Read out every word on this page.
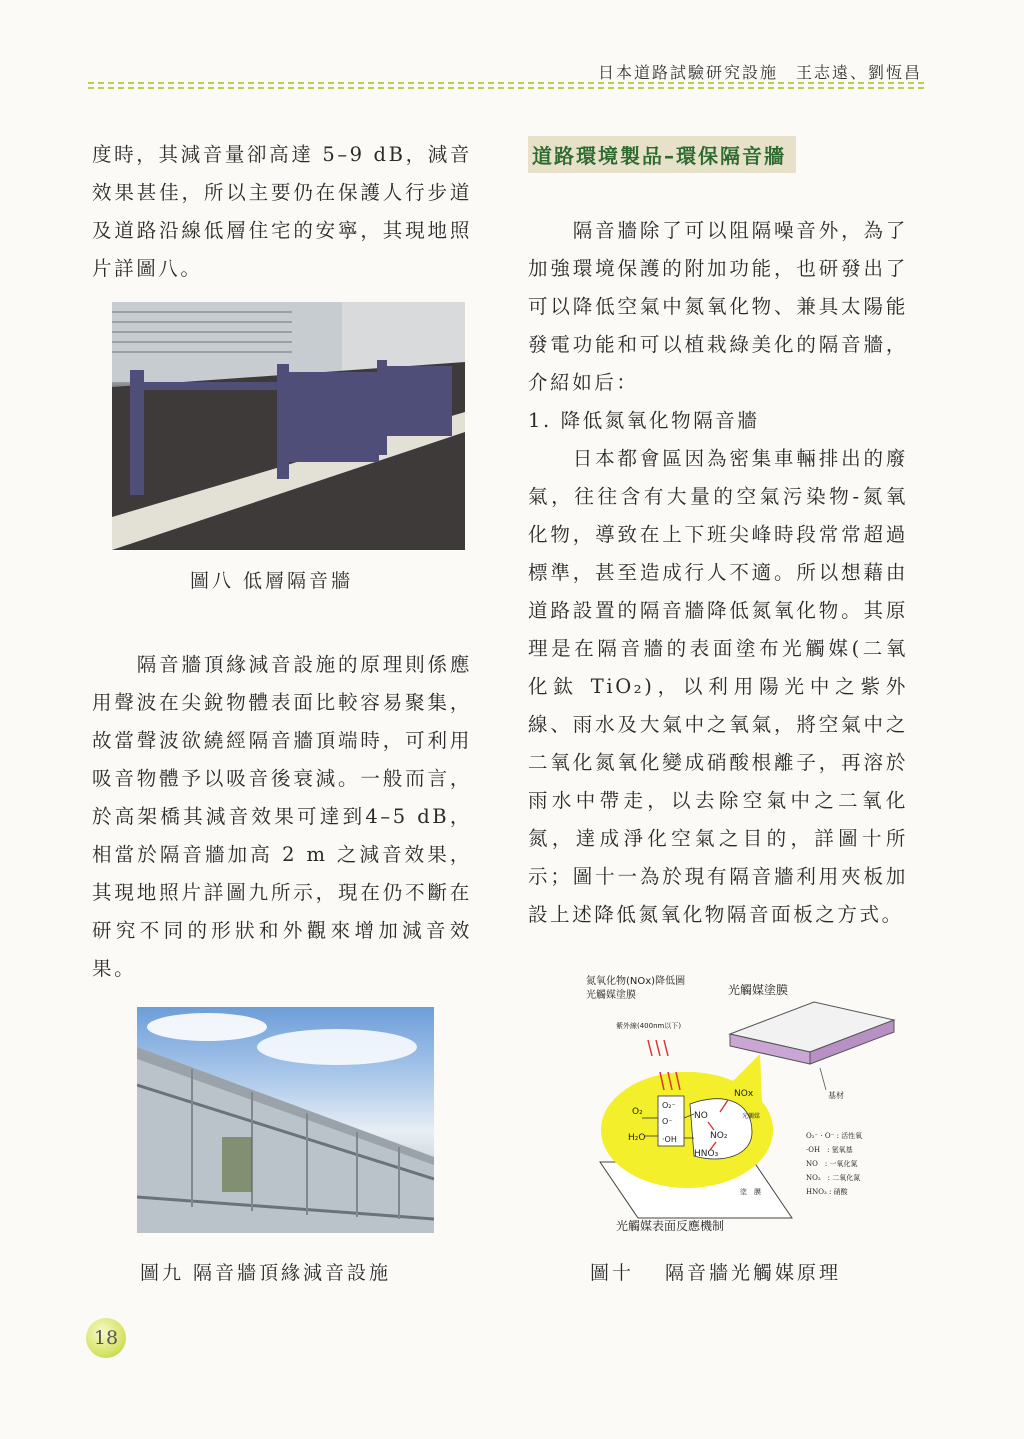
日本道路試驗研究設施　王志遠、劉恆昌

度時，其減音量卻高達 5–9 dB，減音效果甚佳，所以主要仍在保護人行步道及道路沿線低層住宅的安寧，其現地照片詳圖八。

圖八 低層隔音牆

　　隔音牆頂緣減音設施的原理則係應用聲波在尖銳物體表面比較容易聚集，故當聲波欲繞經隔音牆頂端時，可利用吸音物體予以吸音後衰減。一般而言，於高架橋其減音效果可達到4–5 dB，相當於隔音牆加高 2 m 之減音效果，其現地照片詳圖九所示，現在仍不斷在研究不同的形狀和外觀來增加減音效果。

圖九 隔音牆頂緣減音設施
道路環境製品–環保隔音牆

　　隔音牆除了可以阻隔噪音外，為了加強環境保護的附加功能，也研發出了可以降低空氣中氮氧化物、兼具太陽能發電功能和可以植栽綠美化的隔音牆，介紹如后：

1. 降低氮氧化物隔音牆

　　日本都會區因為密集車輛排出的廢氣，往往含有大量的空氣污染物-氮氧化物，導致在上下班尖峰時段常常超過標準，甚至造成行人不適。所以想藉由道路設置的隔音牆降低氮氧化物。其原理是在隔音牆的表面塗布光觸媒(二氧化鈦 TiO₂)，以利用陽光中之紫外線、雨水及大氣中之氧氣，將空氣中之二氧化氮氧化變成硝酸根離子，再溶於雨水中帶走，以去除空氣中之二氧化氮，達成淨化空氣之目的，詳圖十所示；圖十一為於現有隔音牆利用夾板加設上述降低氮氧化物隔音面板之方式。

氮氧化物(NOx)降低圖
光觸媒塗膜	光觸媒塗膜
基材
紫外線(400nm以下)
O₂
H₂O
O₂⁻
O⁻
·OH
NOx
NO
NO₂
HNO₃
光觸媒
塗　膜
光觸媒表面反應機制
O₂⁻ · O⁻ : 活性氧
·OH　: 氫氧基
NO　: 一氧化氮
NO₂　: 二氧化氮
HNO₃ : 硝酸
圖十　 隔音牆光觸媒原理
18
